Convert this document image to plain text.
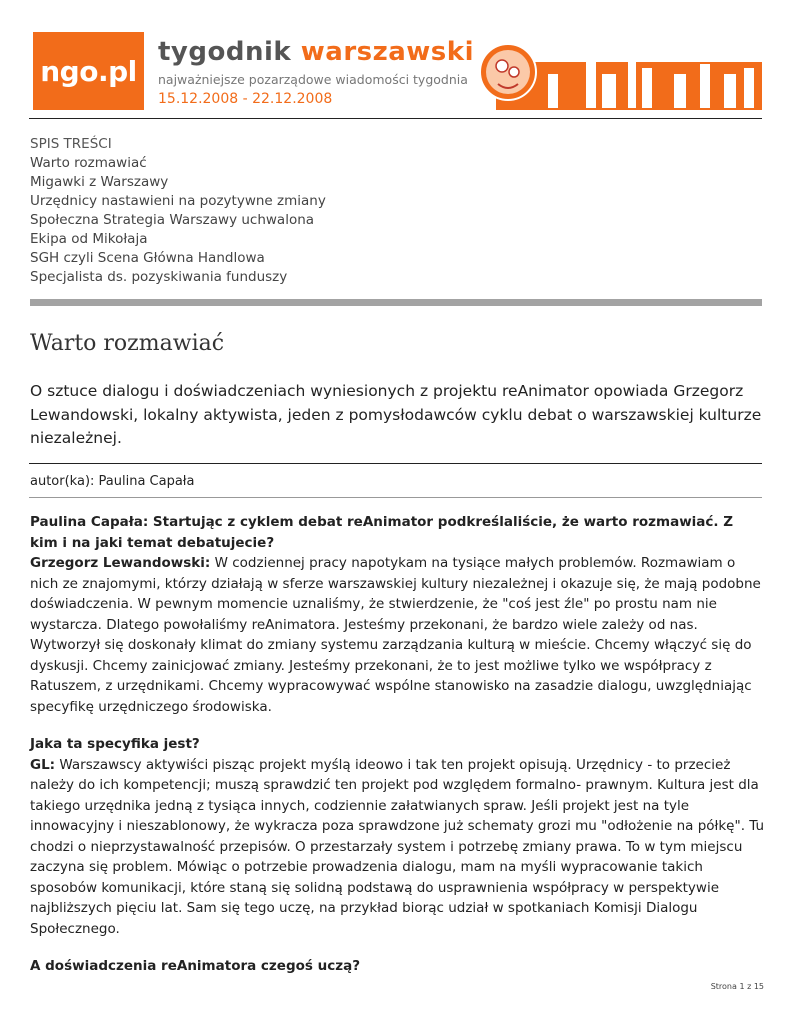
ngo.pl
tygodnik warszawski
najważniejsze pozarządowe wiadomości tygodnia
15.12.2008 - 22.12.2008
SPIS TREŚCI
Warto rozmawiać
Migawki z Warszawy
Urzędnicy nastawieni na pozytywne zmiany
Społeczna Strategia Warszawy uchwalona
Ekipa od Mikołaja
SGH czyli Scena Główna Handlowa
Specjalista ds. pozyskiwania funduszy
Warto rozmawiać
O sztuce dialogu i doświadczeniach wyniesionych z projektu reAnimator opowiada Grzegorz Lewandowski, lokalny aktywista, jeden z pomysłodawców cyklu debat o warszawskiej kulturze niezależnej.
autor(ka): Paulina Capała

Paulina Capała: Startując z cyklem debat reAnimator podkreślaliście, że warto rozmawiać. Z kim i na jaki temat debatujecie?
Grzegorz Lewandowski: W codziennej pracy napotykam na tysiące małych problemów. Rozmawiam o nich ze znajomymi, którzy działają w sferze warszawskiej kultury niezależnej i okazuje się, że mają podobne doświadczenia. W pewnym momencie uznaliśmy, że stwierdzenie, że "coś jest źle" po prostu nam nie wystarcza. Dlatego powołaliśmy reAnimatora. Jesteśmy przekonani, że bardzo wiele zależy od nas. Wytworzył się doskonały klimat do zmiany systemu zarządzania kulturą w mieście. Chcemy włączyć się do dyskusji. Chcemy zainicjować zmiany. Jesteśmy przekonani, że to jest możliwe tylko we współpracy z Ratuszem, z urzędnikami. Chcemy wypracowywać wspólne stanowisko na zasadzie dialogu, uwzględniając specyfikę urzędniczego środowiska.

Jaka ta specyfika jest?
GL: Warszawscy aktywiści pisząc projekt myślą ideowo i tak ten projekt opisują. Urzędnicy - to przecież należy do ich kompetencji; muszą sprawdzić ten projekt pod względem formalno- prawnym. Kultura jest dla takiego urzędnika jedną z tysiąca innych, codziennie załatwianych spraw. Jeśli projekt jest na tyle innowacyjny i nieszablonowy, że wykracza poza sprawdzone już schematy grozi mu "odłożenie na półkę". Tu chodzi o nieprzystawalność przepisów. O przestarzały system i potrzebę zmiany prawa. To w tym miejscu zaczyna się problem. Mówiąc o potrzebie prowadzenia dialogu, mam na myśli wypracowanie takich sposobów komunikacji, które staną się solidną podstawą do usprawnienia współpracy w perspektywie najbliższych pięciu lat. Sam się tego uczę, na przykład biorąc udział w spotkaniach Komisji Dialogu Społecznego.

A doświadczenia reAnimatora czegoś uczą?

Strona 1 z 15
